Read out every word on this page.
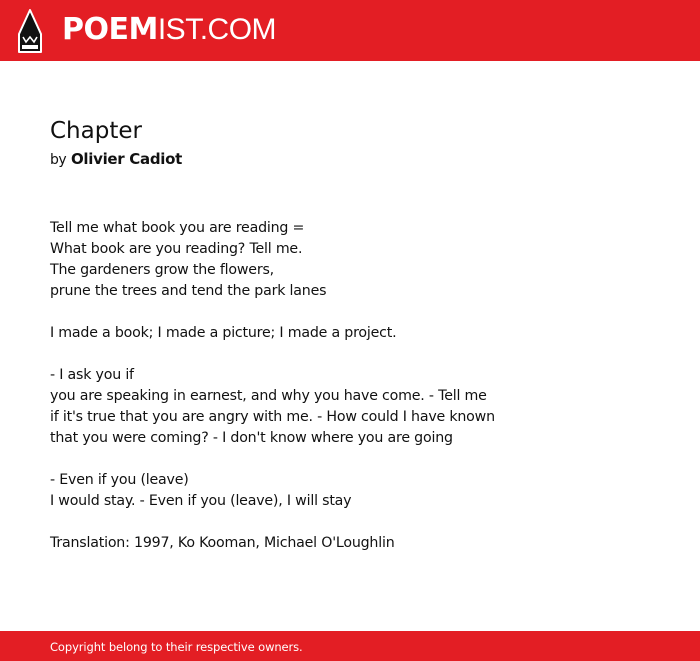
POEMIST.COM
Chapter
by Olivier Cadiot
Tell me what book you are reading =
What book are you reading? Tell me.
The gardeners grow the flowers,
prune the trees and tend the park lanes
I made a book; I made a picture; I made a project.
- I ask you if
you are speaking in earnest, and why you have come. - Tell me
if it's true that you are angry with me. - How could I have known
that you were coming? - I don't know where you are going
- Even if you (leave)
I would stay. - Even if you (leave), I will stay
Translation: 1997, Ko Kooman, Michael O'Loughlin
Copyright belong to their respective owners.
